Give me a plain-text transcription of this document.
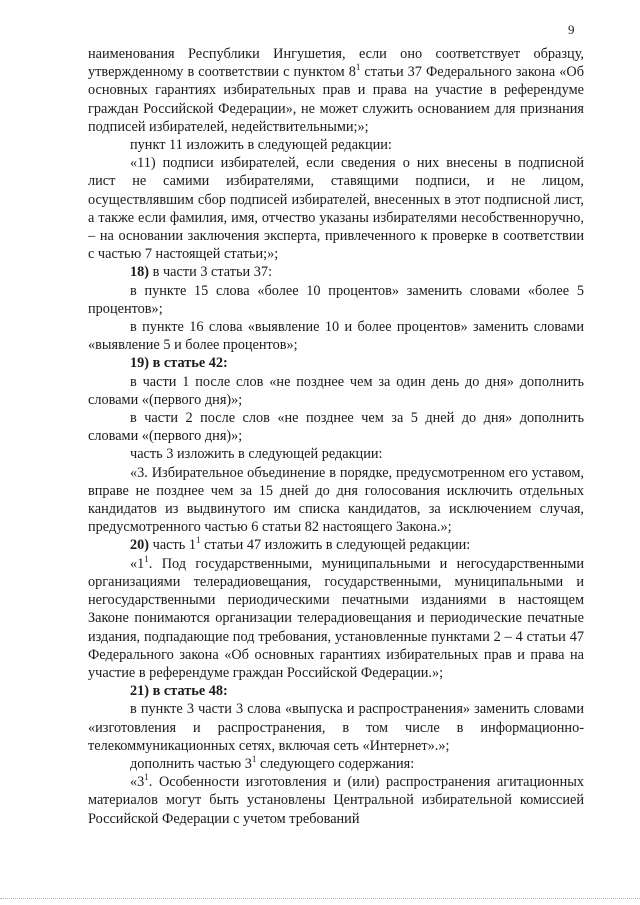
9

наименования Республики Ингушетия, если оно соответствует образцу, утвержденному в соответствии с пунктом $8^1$ статьи 37 Федерального закона «Об основных гарантиях избирательных прав и права на участие в референдуме граждан Российской Федерации», не может служить основанием для признания подписей избирателей, недействительными;»;

пункт 11 изложить в следующей редакции:

«11) подписи избирателей, если сведения о них внесены в подписной лист не самими избирателями, ставящими подписи, и не лицом, осуществлявшим сбор подписей избирателей, внесенных в этот подписной лист, а также если фамилия, имя, отчество указаны избирателями несобственноручно, – на основании заключения эксперта, привлеченного к проверке в соответствии с частью 7 настоящей статьи;»;

18) в части 3 статьи 37:

в пункте 15 слова «более 10 процентов» заменить словами «более 5 процентов»;

в пункте 16 слова «выявление 10 и более процентов» заменить словами «выявление 5 и более процентов»;

19) в статье 42:

в части 1 после слов «не позднее чем за один день до дня» дополнить словами «(первого дня)»;

в части 2 после слов «не позднее чем за 5 дней до дня» дополнить словами «(первого дня)»;

часть 3 изложить в следующей редакции:

«3. Избирательное объединение в порядке, предусмотренном его уставом, вправе не позднее чем за 15 дней до дня голосования исключить отдельных кандидатов из выдвинутого им списка кандидатов, за исключением случая, предусмотренного частью 6 статьи 82 настоящего Закона.»;

20) часть $1^1$ статьи 47 изложить в следующей редакции:

«$1^1$. Под государственными, муниципальными и негосударственными организациями телерадиовещания, государственными, муниципальными и негосударственными периодическими печатными изданиями в настоящем Законе понимаются организации телерадиовещания и периодические печатные издания, подпадающие под требования, установленные пунктами 2 – 4 статьи 47 Федерального закона «Об основных гарантиях избирательных прав и права на участие в референдуме граждан Российской Федерации.»;

21) в статье 48:

в пункте 3 части 3 слова «выпуска и распространения» заменить словами «изготовления и распространения, в том числе в информационно-телекоммуникационных сетях, включая сеть «Интернет».»;

дополнить частью $3^1$ следующего содержания:

«$3^1$. Особенности изготовления и (или) распространения агитационных материалов могут быть установлены Центральной избирательной комиссией Российской Федерации с учетом требований
